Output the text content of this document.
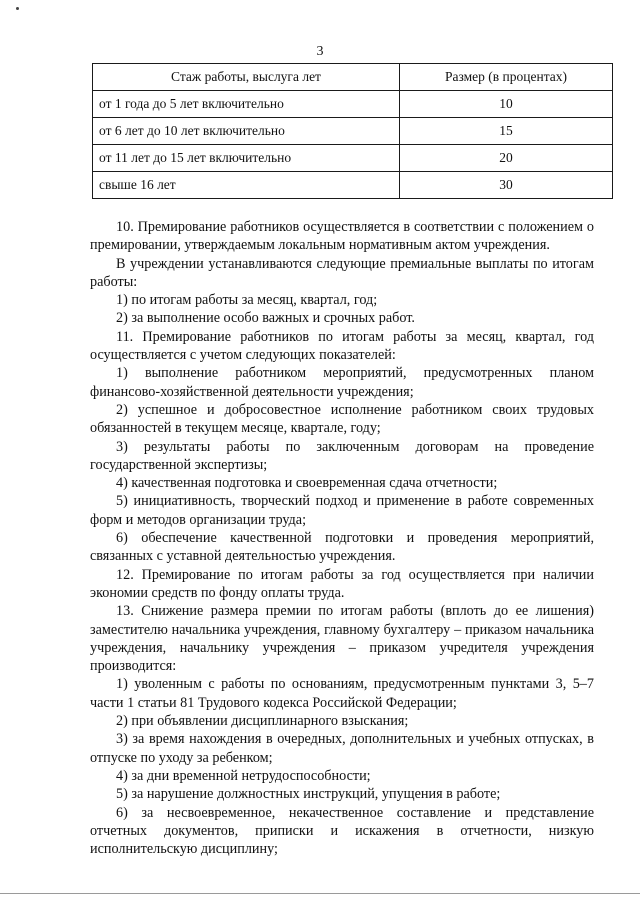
3
Стаж работы, выслуга лет	Размер (в процентах)
от 1 года до 5 лет включительно	10
от 6 лет до 10 лет включительно	15
от 11 лет до 15 лет включительно	20
свыше 16 лет	30

10. Премирование работников осуществляется в соответствии с положением о премировании, утверждаемым локальным нормативным актом учреждения.

В учреждении устанавливаются следующие премиальные выплаты по итогам работы:

1) по итогам работы за месяц, квартал, год;

2) за выполнение особо важных и срочных работ.

11. Премирование работников по итогам работы за месяц, квартал, год осуществляется с учетом следующих показателей:

1) выполнение работником мероприятий, предусмотренных планом финансово-хозяйственной деятельности учреждения;

2) успешное и добросовестное исполнение работником своих трудовых обязанностей в текущем месяце, квартале, году;

3) результаты работы по заключенным договорам на проведение государственной экспертизы;

4) качественная подготовка и своевременная сдача отчетности;

5) инициативность, творческий подход и применение в работе современных форм и методов организации труда;

6) обеспечение качественной подготовки и проведения мероприятий, связанных с уставной деятельностью учреждения.

12. Премирование по итогам работы за год осуществляется при наличии экономии средств по фонду оплаты труда.

13. Снижение размера премии по итогам работы (вплоть до ее лишения) заместителю начальника учреждения, главному бухгалтеру – приказом начальника учреждения, начальнику учреждения – приказом учредителя учреждения производится:

1) уволенным с работы по основаниям, предусмотренным пунктами 3, 5–7 части 1 статьи 81 Трудового кодекса Российской Федерации;

2) при объявлении дисциплинарного взыскания;

3) за время нахождения в очередных, дополнительных и учебных отпусках, в отпуске по уходу за ребенком;

4) за дни временной нетрудоспособности;

5) за нарушение должностных инструкций, упущения в работе;

6) за несвоевременное, некачественное составление и представление отчетных документов, приписки и искажения в отчетности, низкую исполнительскую дисциплину;
